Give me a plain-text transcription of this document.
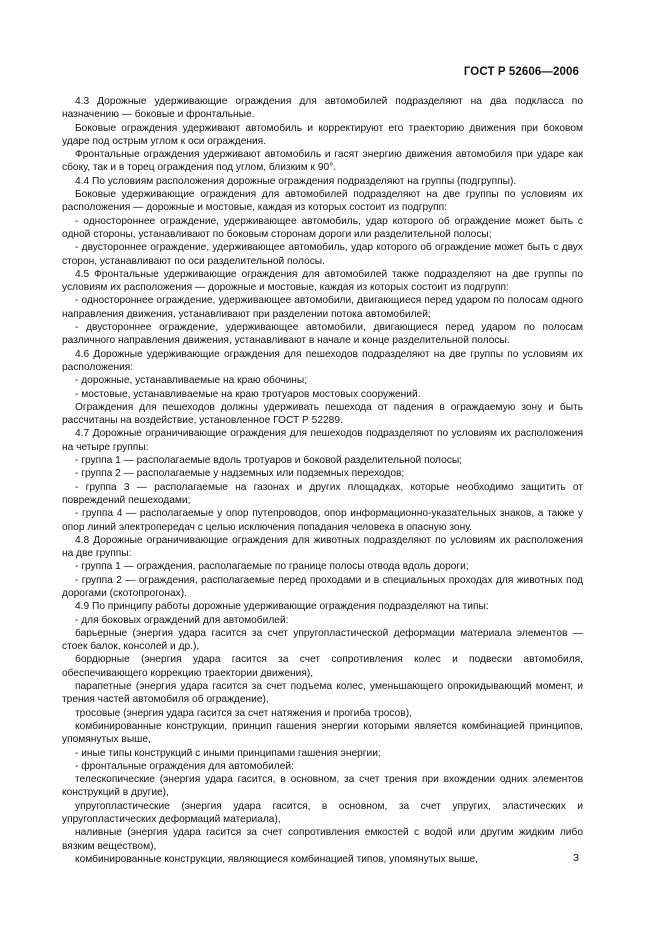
ГОСТ Р 52606—2006

4.3 Дорожные удерживающие ограждения для автомобилей подразделяют на два подкласса по назначению — боковые и фронтальные.

Боковые ограждения удерживают автомобиль и корректируют его траекторию движения при боковом ударе под острым углом к оси ограждения.

Фронтальные ограждения удерживают автомобиль и гасят энергию движения автомобиля при ударе как сбоку, так и в торец ограждения под углом, близким к 90°.

4.4 По условиям расположения дорожные ограждения подразделяют на группы (подгруппы).

Боковые удерживающие ограждения для автомобилей подразделяют на две группы по условиям их расположения — дорожные и мостовые, каждая из которых состоит из подгрупп:

- одностороннее ограждение, удерживающее автомобиль, удар которого об ограждение может быть с одной стороны, устанавливают по боковым сторонам дороги или разделительной полосы;

- двустороннее ограждение, удерживающее автомобиль, удар которого об ограждение может быть с двух сторон, устанавливают по оси разделительной полосы.

4.5 Фронтальные удерживающие ограждения для автомобилей также подразделяют на две группы по условиям их расположения — дорожные и мостовые, каждая из которых состоит из подгрупп:

- одностороннее ограждение, удерживающее автомобили, двигающиеся перед ударом по полосам одного направления движения, устанавливают при разделении потока автомобилей;

- двустороннее ограждение, удерживающее автомобили, двигающиеся перед ударом по полосам различного направления движения, устанавливают в начале и конце разделительной полосы.

4.6 Дорожные удерживающие ограждения для пешеходов подразделяют на две группы по условиям их расположения:

- дорожные, устанавливаемые на краю обочины;

- мостовые, устанавливаемые на краю тротуаров мостовых сооружений.

Ограждения для пешеходов должны удерживать пешехода от падения в ограждаемую зону и быть рассчитаны на воздействие, установленное ГОСТ Р 52289.

4.7 Дорожные ограничивающие ограждения для пешеходов подразделяют по условиям их расположения на четыре группы:

- группа 1 — располагаемые вдоль тротуаров и боковой разделительной полосы;

- группа 2 — располагаемые у надземных или подземных переходов;

- группа 3 — располагаемые на газонах и других площадках, которые необходимо защитить от повреждений пешеходами;

- группа 4 — располагаемые у опор путепроводов, опор информационно-указательных знаков, а также у опор линий электропередач с целью исключения попадания человека в опасную зону.

4.8 Дорожные ограничивающие ограждения для животных подразделяют по условиям их расположения на две группы:

- группа 1 — ограждения, располагаемые по границе полосы отвода вдоль дороги;

- группа 2 — ограждения, располагаемые перед проходами и в специальных проходах для животных под дорогами (скотопрогонах).

4.9 По принципу работы дорожные удерживающие ограждения подразделяют на типы:

- для боковых ограждений для автомобилей:

барьерные (энергия удара гасится за счет упругопластической деформации материала элементов — стоек балок, консолей и др.),

бордюрные (энергия удара гасится за счет сопротивления колес и подвески автомобиля, обеспечивающего коррекцию траектории движения),

парапетные (энергия удара гасится за счет подъема колес, уменьшающего опрокидывающий момент, и трения частей автомобиля об ограждение),

тросовые (энергия удара гасится за счет натяжения и прогиба тросов),

комбинированные конструкции, принцип гашения энергии которыми является комбинацией принципов, упомянутых выше,

- иные типы конструкций с иными принципами гашения энергии;

- фронтальные ограждения для автомобилей:

телескопические (энергия удара гасится, в основном, за счет трения при вхождении одних элементов конструкций в другие),

упругопластические (энергия удара гасится, в основном, за счет упругих, эластических и упругопластических деформаций материала),

наливные (энергия удара гасится за счет сопротивления емкостей с водой или другим жидким либо вязким веществом),

комбинированные конструкции, являющиеся комбинацией типов, упомянутых выше,	3
